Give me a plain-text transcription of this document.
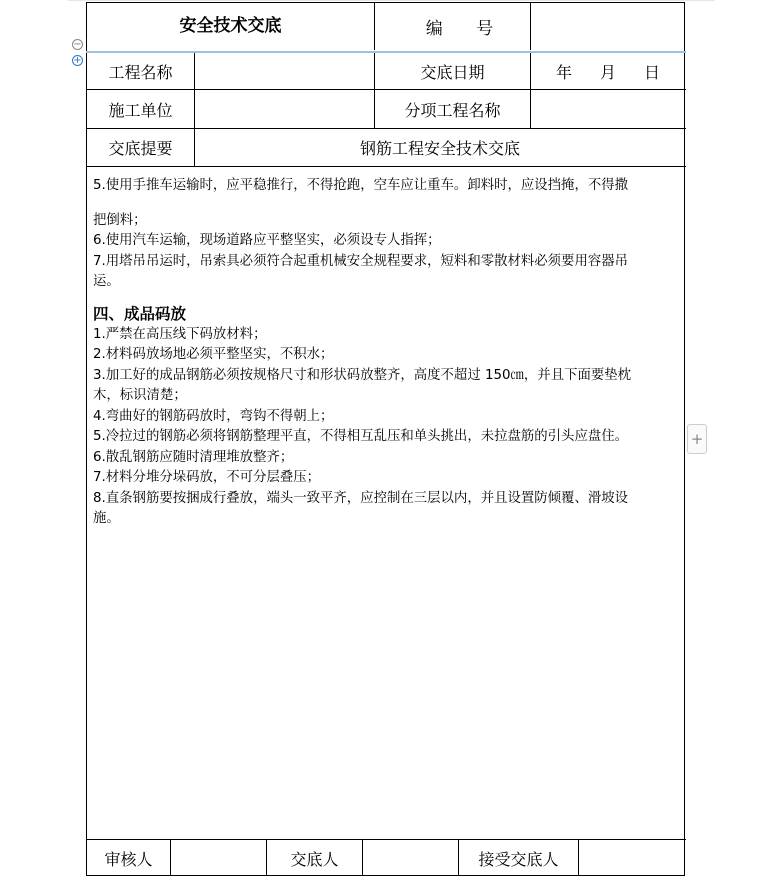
安全技术交底	编 号
工程名称	交底日期	年 月 日
施工单位	分项工程名称
交底提要	钢筋工程安全技术交底
5.使用手推车运输时，应平稳推行，不得抢跑，空车应让重车。卸料时，应设挡掩，不得撒
把倒料；
6.使用汽车运输，现场道路应平整坚实，必须设专人指挥；
7.用塔吊吊运时，吊索具必须符合起重机械安全规程要求，短料和零散材料必须要用容器吊
运。
四、成品码放
1.严禁在高压线下码放材料；
2.材料码放场地必须平整坚实，不积水；
3.加工好的成品钢筋必须按规格尺寸和形状码放整齐，高度不超过 150㎝，并且下面要垫枕
木，标识清楚；
4.弯曲好的钢筋码放时，弯钩不得朝上；
5.冷拉过的钢筋必须将钢筋整理平直，不得相互乱压和单头挑出，未拉盘筋的引头应盘住。
6.散乱钢筋应随时清理堆放整齐；
7.材料分堆分垛码放，不可分层叠压；
8.直条钢筋要按捆成行叠放，端头一致平齐，应控制在三层以内，并且设置防倾覆、滑坡设
施。
审核人	交底人	接受交底人
−
+
+
